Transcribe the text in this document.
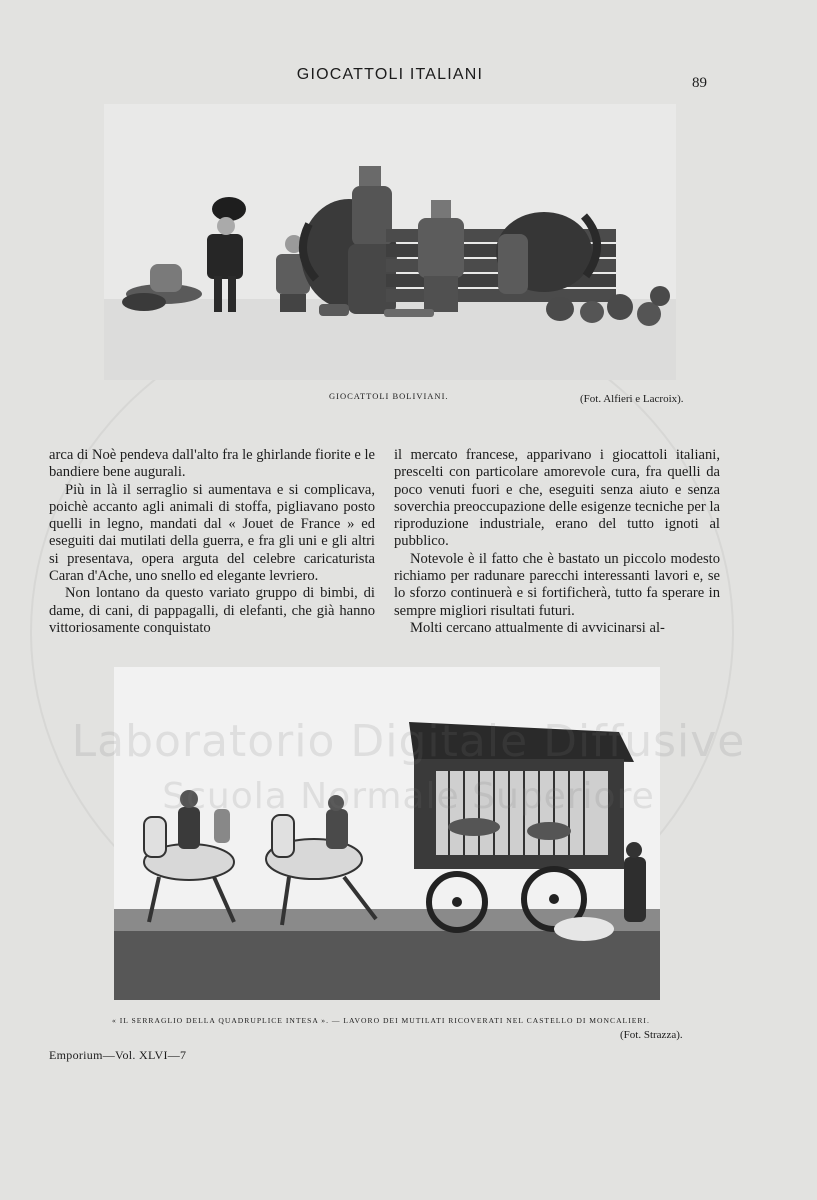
GIOCATTOLI ITALIANI	89
GIOCATTOLI BOLIVIANI.	(Fot. Alfieri e Lacroix).

arca di Noè pendeva dall'alto fra le ghirlande fiorite e le bandiere bene augurali.

Più in là il serraglio si aumentava e si complicava, poichè accanto agli animali di stoffa, pigliavano posto quelli in legno, mandati dal « Jouet de France » ed eseguiti dai mutilati della guerra, e fra gli uni e gli altri si presentava, opera arguta del celebre caricaturista Caran d'Ache, uno snello ed elegante levriero.

Non lontano da questo variato gruppo di bimbi, di dame, di cani, di pappagalli, di elefanti, che già hanno vittoriosamente conquistato

il mercato francese, apparivano i giocattoli italiani, prescelti con particolare amorevole cura, fra quelli da poco venuti fuori e che, eseguiti senza aiuto e senza soverchia preoccupazione delle esigenze tecniche per la riproduzione industriale, erano del tutto ignoti al pubblico.

Notevole è il fatto che è bastato un piccolo modesto richiamo per radunare parecchi interessanti lavori e, se lo sforzo continuerà e si fortificherà, tutto fa sperare in sempre migliori risultati futuri.

Molti cercano attualmente di avvicinarsi al-

« IL SERRAGLIO DELLA QUADRUPLICE INTESA ». — LAVORO DEI MUTILATI RICOVERATI NEL CASTELLO DI MONCALIERI.
(Fot. Strazza).
Emporium—Vol. XLVI—7
